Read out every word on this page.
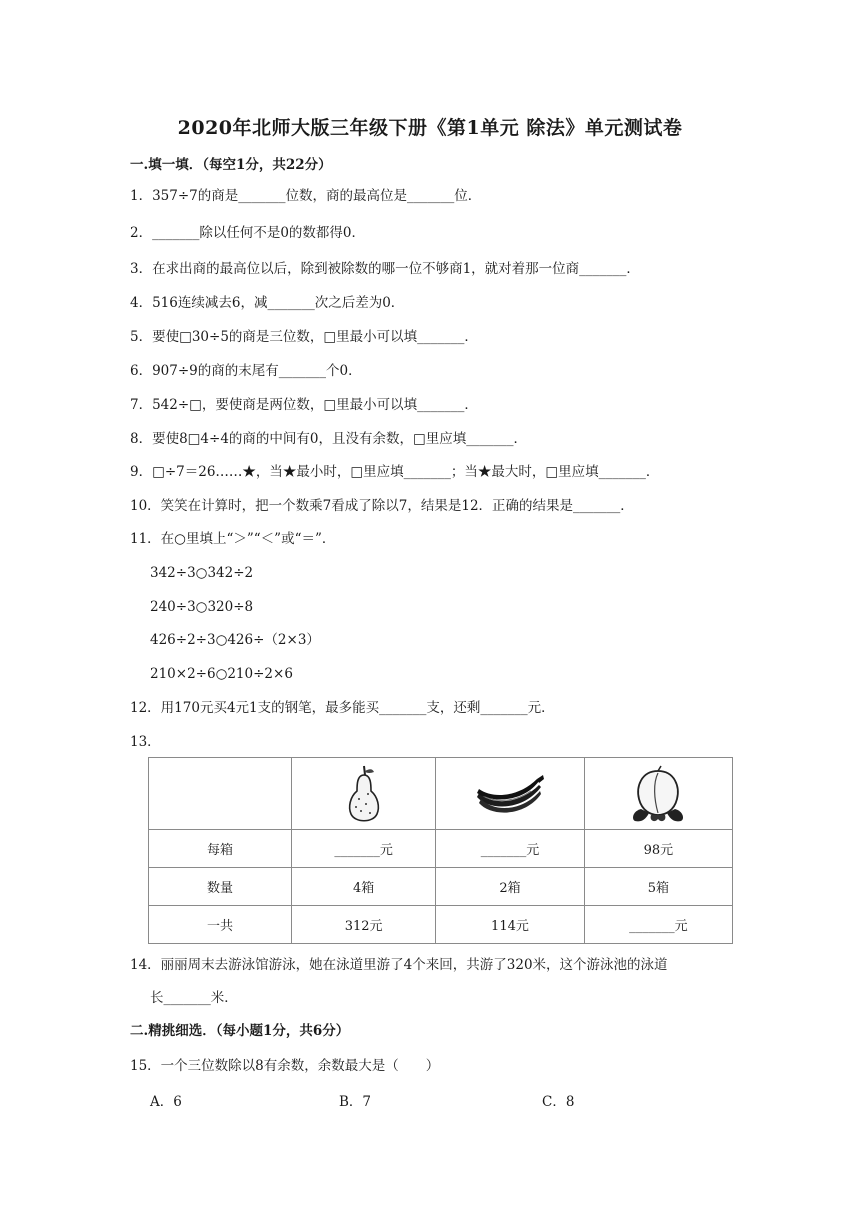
2020年北师大版三年级下册《第1单元 除法》单元测试卷
一.填一填．（每空1分，共22分）
1．357÷7的商是_______位数，商的最高位是_______位．
2．_______除以任何不是0的数都得0．
3．在求出商的最高位以后，除到被除数的哪一位不够商1，就对着那一位商_______．
4．516连续减去6，减_______次之后差为0．
5．要使□30÷5的商是三位数，□里最小可以填_______．
6．907÷9的商的末尾有_______个0．
7．542÷□，要使商是两位数，□里最小可以填_______．
8．要使8□4÷4的商的中间有0，且没有余数，□里应填_______．
9．□÷7＝26……★，当★最小时，□里应填_______；当★最大时，□里应填_______．
10．笑笑在计算时，把一个数乘7看成了除以7，结果是12．正确的结果是_______．
11．在○里填上“＞”“＜”或“＝”．
342÷3○342÷2
240÷3○320÷8
426÷2÷3○426÷（2×3）
210×2÷6○210÷2×6
12．用170元买4元1支的钢笔，最多能买_______支，还剩_______元．
13．

每箱	_______元	_______元	98元
数量	4箱	2箱	5箱
一共	312元	114元	_______元
14．丽丽周末去游泳馆游泳，她在泳道里游了4个来回，共游了320米，这个游泳池的泳道
长_______米．
二.精挑细选．（每小题1分，共6分）
15．一个三位数除以8有余数，余数最大是（　　）
A．6	B．7	C．8
